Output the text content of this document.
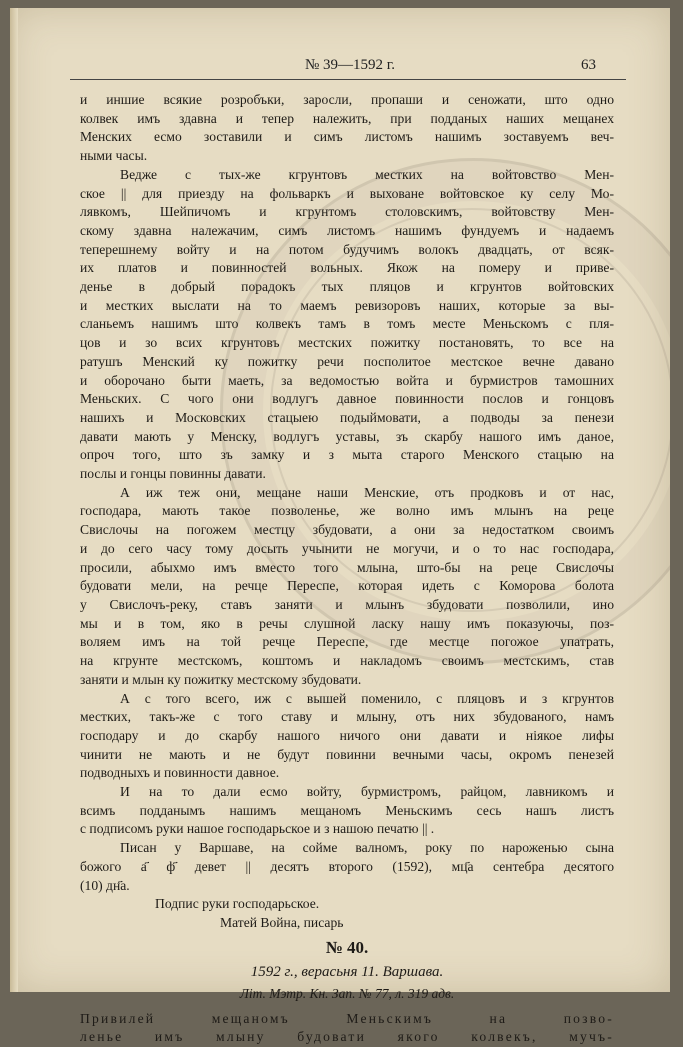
№ 39—1592 г.	63
и иншие всякие розробъки, заросли, пропаши и сеножати, што одно
колвек имъ здавна и тепер належить, при подданых наших мещанех
Менских есмо зоставили и симъ листомъ нашимъ зоставуемъ веч-
ными часы.
Ведже с тых-же кгрунтовъ местких на войтовство Мен-
ское || для приезду на фольваркъ и выховане войтовское ку селу Мо-
лявкомъ, Шейпичомъ и кгрунтомъ столовскимъ, войтовству Мен-
скому здавна належачим, симъ листомъ нашимъ фундуемъ и надаемъ
теперешнему войту и на потом будучимъ волокъ двадцать, от всяк-
их платов и повинностей вольных. Якож на померу и приве-
денье в добрый порадокъ тых пляцов и кгрунтов войтовских
и местких выслати на то маемъ ревизоровъ наших, которые за вы-
сланьемъ нашимъ што колвекъ тамъ в томъ месте Меньскомъ с пля-
цов и зо всих кгрунтовъ местских пожитку постановять, то все на
ратушъ Менский ку пожитку речи посполитое местское вечне давано
и оборочано быти маеть, за ведомостью войта и бурмистров тамошних
Меньских. С чого они водлугъ давное повинности послов и гонцовъ
нашихъ и Московских стацыею подыймовати, а подводы за пенези
давати мають у Менску, водлугъ уставы, зъ скарбу нашого имъ даное,
опроч того, што зъ замку и з мыта старого Менского стацыю на
послы и гонцы повинны давати.
А иж теж они, мещане наши Менские, отъ продковъ и от нас,
господара, мають такое позволенье, же волно имъ млынъ на реце
Свислочы на погожем местцу збудовати, а они за недостатком своимъ
и до сего часу тому досыть учынити не могучи, и о то нас господара,
просили, абыхмо имъ вместо того млына, што-бы на реце Свислочы
будовати мели, на речце Переспе, которая идеть с Коморова болота
у Свислочъ-реку, ставъ заняти и млынъ збудовати позволили, ино
мы и в том, яко в речы слушной ласку нашу имъ показуючы, поз-
воляем имъ на той речце Переспе, где местце погожое упатрать,
на кгрунте местскомъ, коштомъ и накладомъ своимъ местскимъ, став
заняти и млын ку пожитку местскому збудовати.
А с того всего, иж с вышей поменило, с пляцовъ и з кгрунтов
местких, такъ-же с того ставу и млыну, отъ них збудованого, намъ
господару и до скарбу нашого ничого они давати и нiякое лифы
чинити не мають и не будут повинни вечными часы, окромъ пенезей
подводныхъ и повинности давное.
И на то дали есмо войту, бурмистромъ, райцом, лавникомъ и
всимъ подданымъ нашимъ мещаномъ Меньскимъ сесь нашъ листъ
с подписомъ руки нашое господарьское и з нашою печатю || .
Писан у Варшаве, на сойме валномъ, року по нароженью сына
божого а҃ ф҃ девет || десятъ второго (1592), мц҃а сентебра десятого
(10) дн҃а.
Подпис руки господарьское.
Матей Война, писарь
№ 40.
1592 г., верасьня 11. Варшава.
Літ. Мэтр. Кн. Зап. № 77, л. 319 адв.
Привилей мещаномъ Меньскимъ на позво-
ленье имъ млыну будовати якого колвекъ, мучъ-
